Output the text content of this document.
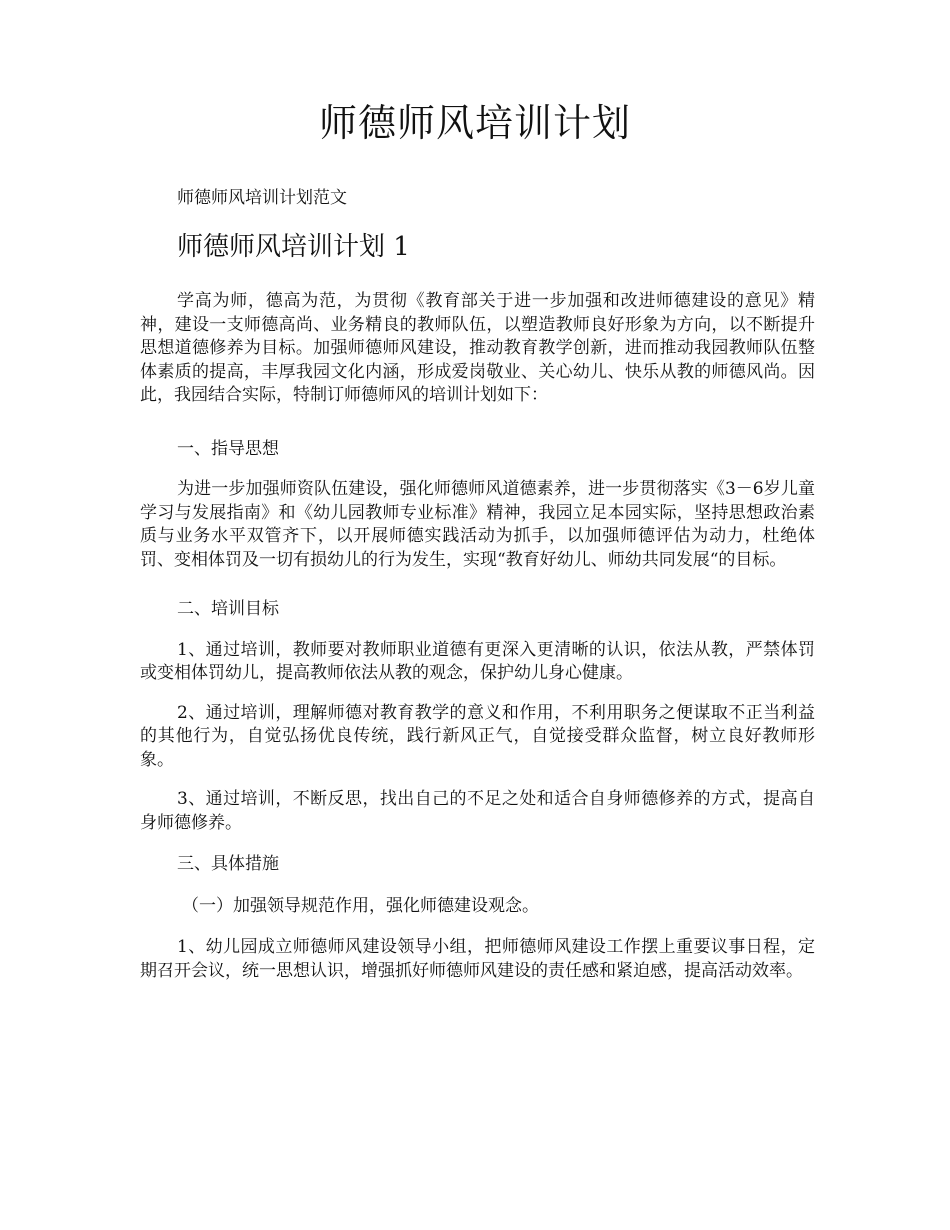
师德师风培训计划

师德师风培训计划范文

师德师风培训计划 1

学高为师，德高为范，为贯彻《教育部关于进一步加强和改进师德建设的意见》精神，建设一支师德高尚、业务精良的教师队伍，以塑造教师良好形象为方向，以不断提升思想道德修养为目标。加强师德师风建设，推动教育教学创新，进而推动我园教师队伍整体素质的提高，丰厚我园文化内涵，形成爱岗敬业、关心幼儿、快乐从教的师德风尚。因此，我园结合实际，特制订师德师风的培训计划如下：

一、指导思想

为进一步加强师资队伍建设，强化师德师风道德素养，进一步贯彻落实《3－6岁儿童学习与发展指南》和《幼儿园教师专业标准》精神，我园立足本园实际，坚持思想政治素质与业务水平双管齐下，以开展师德实践活动为抓手，以加强师德评估为动力，杜绝体罚、变相体罚及一切有损幼儿的行为发生，实现“教育好幼儿、师幼共同发展“的目标。

二、培训目标

1、通过培训，教师要对教师职业道德有更深入更清晰的认识，依法从教，严禁体罚或变相体罚幼儿，提高教师依法从教的观念，保护幼儿身心健康。

2、通过培训，理解师德对教育教学的意义和作用，不利用职务之便谋取不正当利益的其他行为，自觉弘扬优良传统，践行新风正气，自觉接受群众监督，树立良好教师形象。

3、通过培训，不断反思，找出自己的不足之处和适合自身师德修养的方式，提高自身师德修养。

三、具体措施

（一）加强领导规范作用，强化师德建设观念。

1、幼儿园成立师德师风建设领导小组，把师德师风建设工作摆上重要议事日程，定期召开会议，统一思想认识，增强抓好师德师风建设的责任感和紧迫感，提高活动效率。
